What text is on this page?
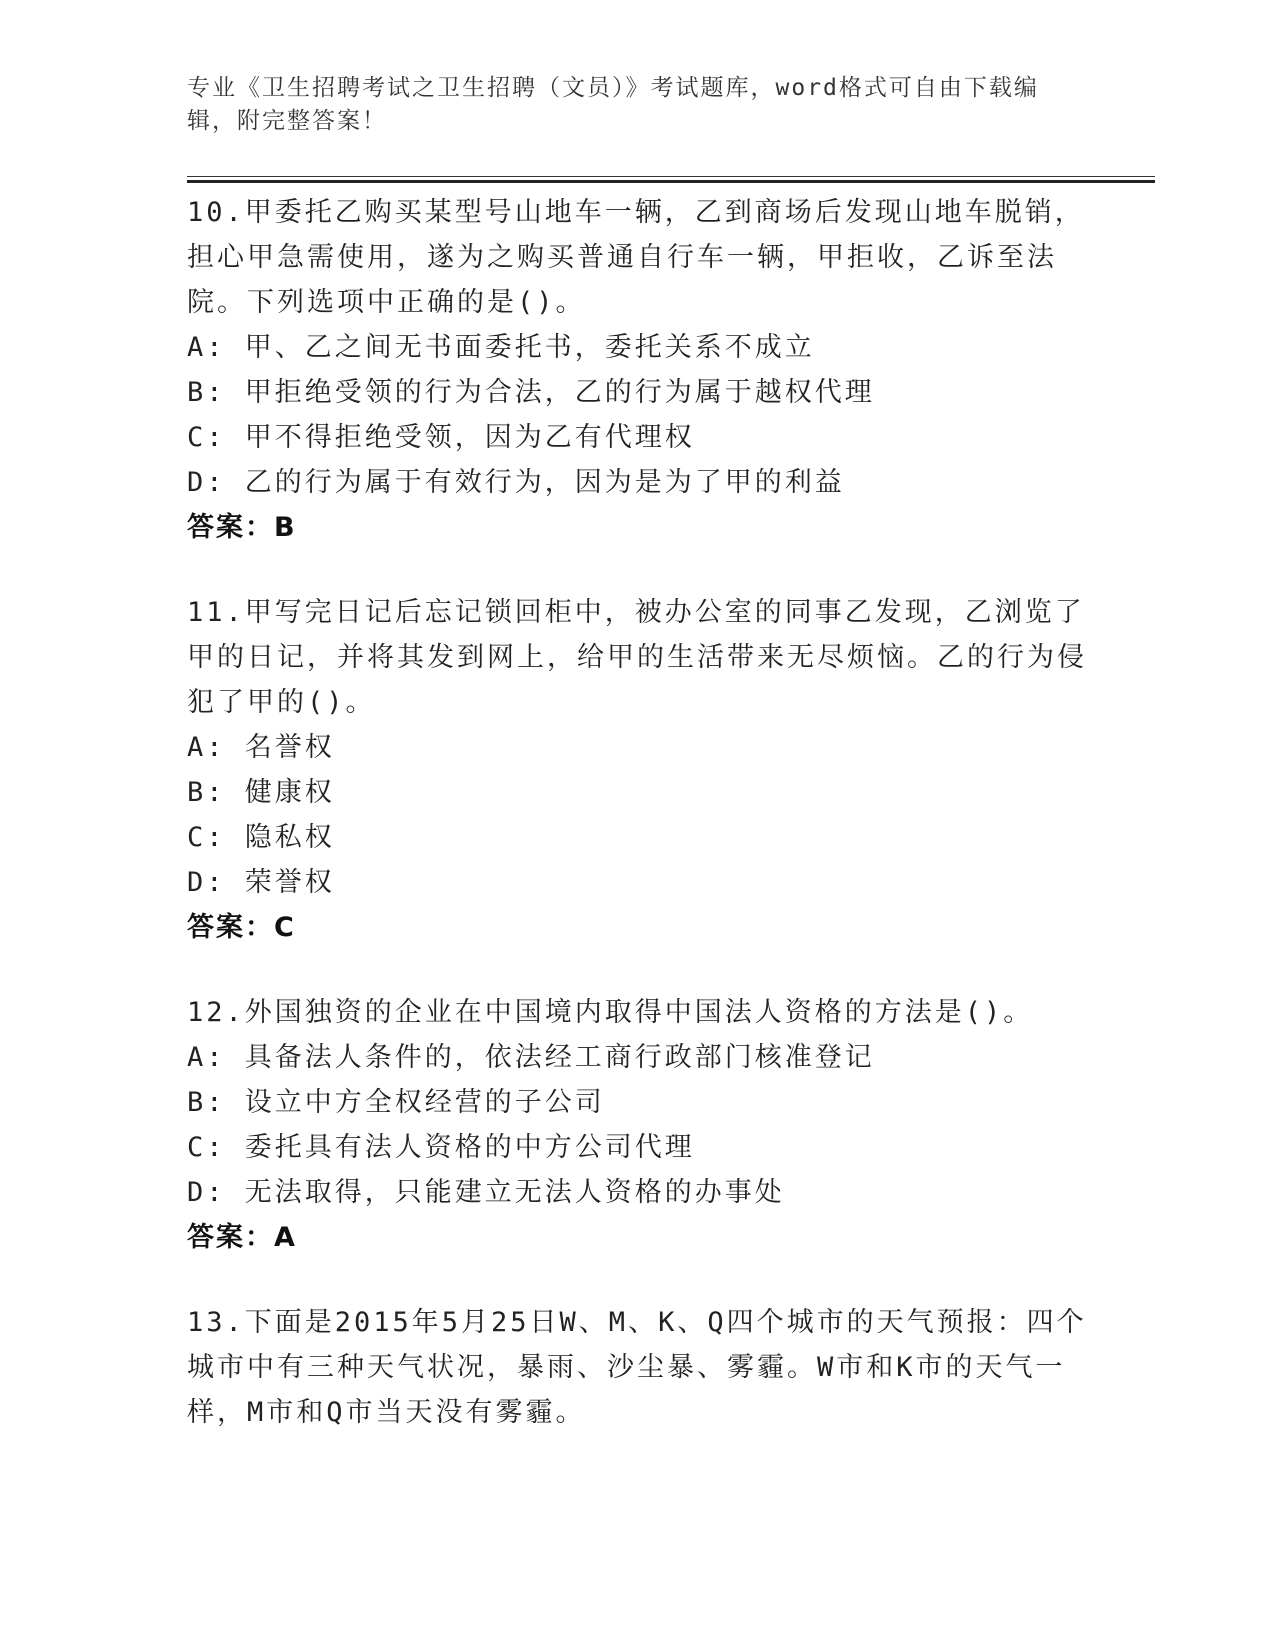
专业《卫生招聘考试之卫生招聘（文员）》考试题库，word格式可自由下载编辑，附完整答案！
10.甲委托乙购买某型号山地车一辆，乙到商场后发现山地车脱销，担心甲急需使用，遂为之购买普通自行车一辆，甲拒收，乙诉至法院。下列选项中正确的是()。
A: 甲、乙之间无书面委托书，委托关系不成立
B: 甲拒绝受领的行为合法，乙的行为属于越权代理
C: 甲不得拒绝受领，因为乙有代理权
D: 乙的行为属于有效行为，因为是为了甲的利益
答案：B
11.甲写完日记后忘记锁回柜中，被办公室的同事乙发现，乙浏览了甲的日记，并将其发到网上，给甲的生活带来无尽烦恼。乙的行为侵犯了甲的()。
A: 名誉权
B: 健康权
C: 隐私权
D: 荣誉权
答案：C
12.外国独资的企业在中国境内取得中国法人资格的方法是()。
A: 具备法人条件的，依法经工商行政部门核准登记
B: 设立中方全权经营的子公司
C: 委托具有法人资格的中方公司代理
D: 无法取得，只能建立无法人资格的办事处
答案：A
13.下面是2015年5月25日W、M、K、Q四个城市的天气预报：四个城市中有三种天气状况，暴雨、沙尘暴、雾霾。W市和K市的天气一样，M市和Q市当天没有雾霾。
